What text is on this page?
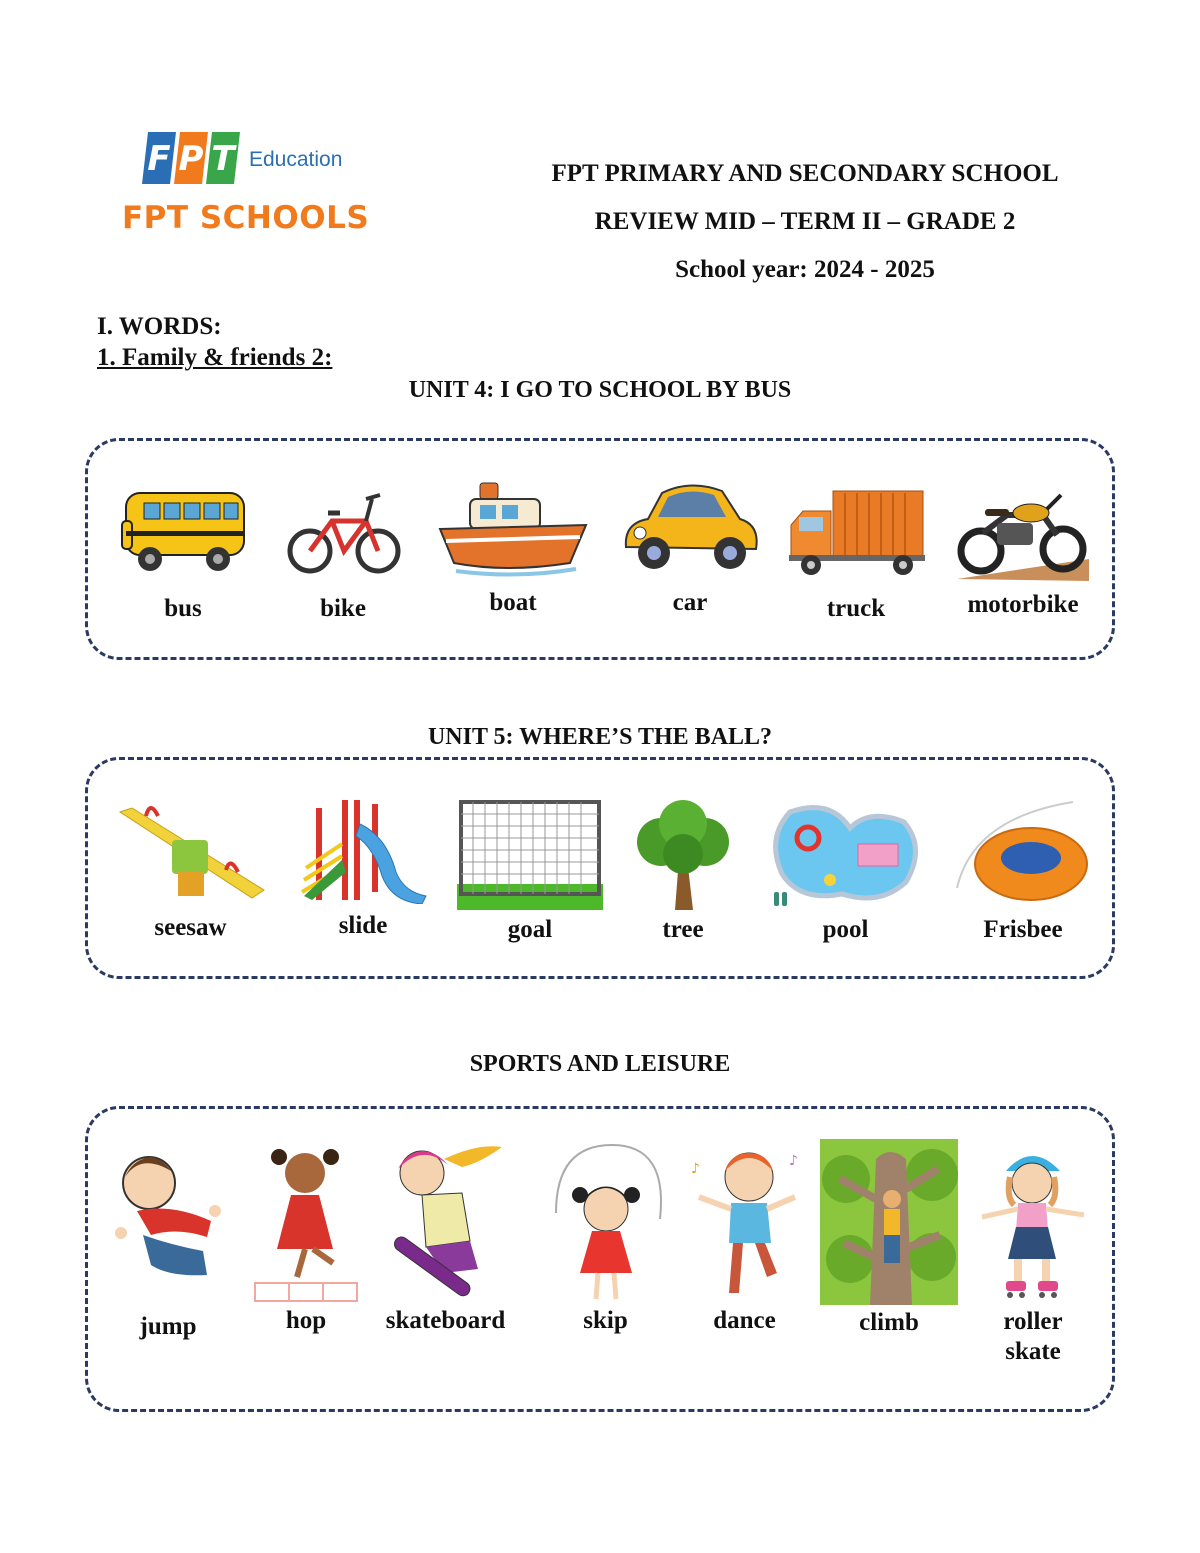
F P T Education
FPT SCHOOLS
FPT PRIMARY AND SECONDARY SCHOOL
REVIEW MID – TERM II – GRADE 2
School year: 2024 - 2025
I. WORDS:
1. Family & friends 2:
UNIT 4: I GO TO SCHOOL BY BUS
bus	bike	boat	car	truck	motorbike
UNIT 5: WHERE’S THE BALL?
seesaw	slide	goal	tree	pool	Frisbee
SPORTS AND LEISURE
jump	hop	skateboard	skip
♪	♪
dance	climb	roller
skate
